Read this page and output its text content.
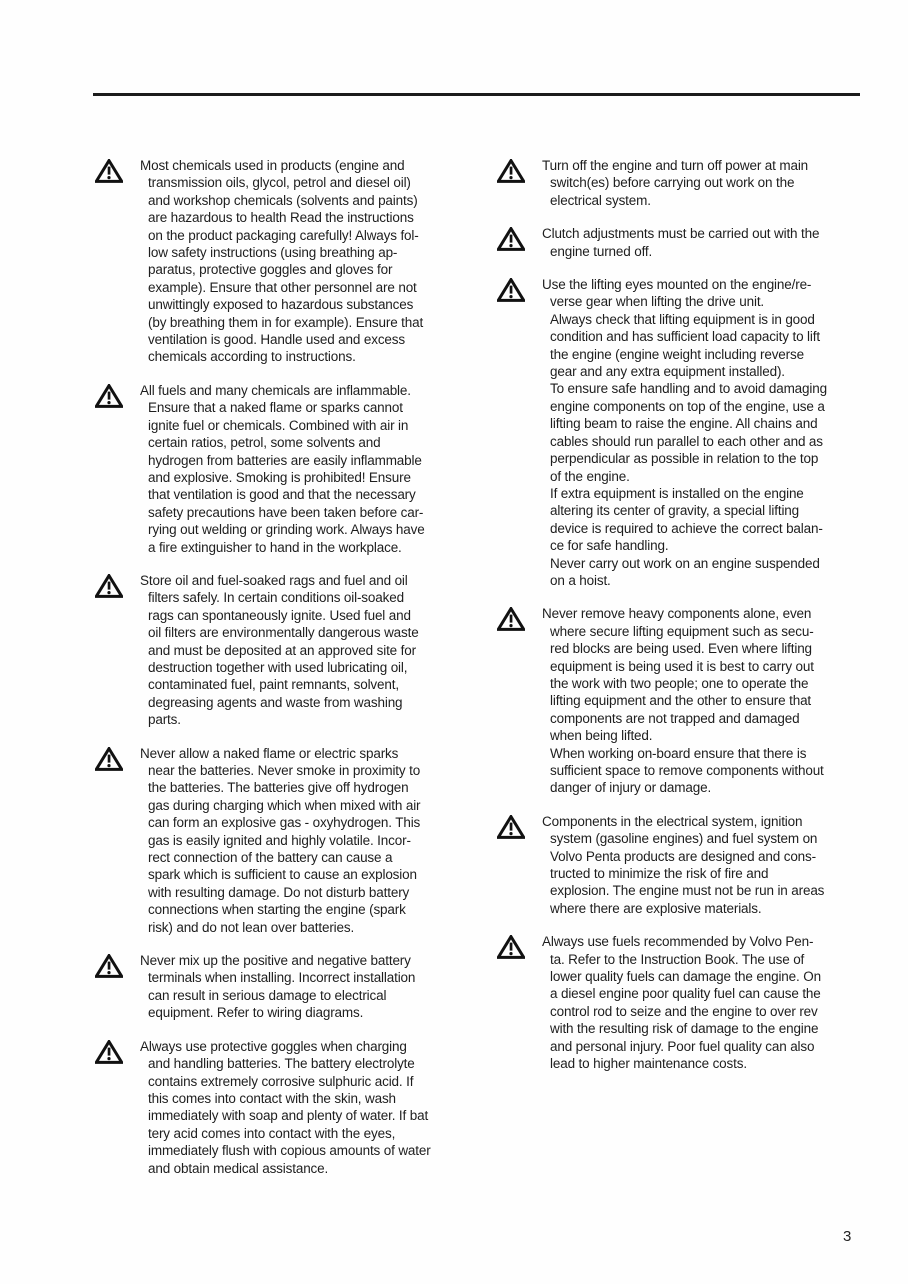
Most chemicals used in products (engine and
transmission oils, glycol, petrol and diesel oil)
and workshop chemicals (solvents and paints)
are hazardous to health Read the instructions
on the product packaging carefully! Always fol-
low safety instructions (using breathing ap-
paratus, protective goggles and gloves for
example). Ensure that other personnel are not
unwittingly exposed to hazardous substances
(by breathing them in for example). Ensure that
ventilation is good. Handle used and excess
chemicals according to instructions.
All fuels and many chemicals are inflammable.
Ensure that a naked flame or sparks cannot
ignite fuel or chemicals. Combined with air in
certain ratios, petrol, some solvents and
hydrogen from batteries are easily inflammable
and explosive. Smoking is prohibited! Ensure
that ventilation is good and that the necessary
safety precautions have been taken before car-
rying out welding or grinding work. Always have
a fire extinguisher to hand in the workplace.
Store oil and fuel-soaked rags and fuel and oil
filters safely. In certain conditions oil-soaked
rags can spontaneously ignite. Used fuel and
oil filters are environmentally dangerous waste
and must be deposited at an approved site for
destruction together with used lubricating oil,
contaminated fuel, paint remnants, solvent,
degreasing agents and waste from washing
parts.
Never allow a naked flame or electric sparks
near the batteries. Never smoke in proximity to
the batteries. The batteries give off hydrogen
gas during charging which when mixed with air
can form an explosive gas - oxyhydrogen. This
gas is easily ignited and highly volatile. Incor-
rect connection of the battery can cause a
spark which is sufficient to cause an explosion
with resulting damage. Do not disturb battery
connections when starting the engine (spark
risk) and do not lean over batteries.
Never mix up the positive and negative battery
terminals when installing. Incorrect installation
can result in serious damage to electrical
equipment. Refer to wiring diagrams.
Always use protective goggles when charging
and handling batteries. The battery electrolyte
contains extremely corrosive sulphuric acid. If
this comes into contact with the skin, wash
immediately with soap and plenty of water. If bat
tery acid comes into contact with the eyes,
immediately flush with copious amounts of water
and obtain medical assistance.
Turn off the engine and turn off power at main
switch(es) before carrying out work on the
electrical system.
Clutch adjustments must be carried out with the
engine turned off.
Use the lifting eyes mounted on the engine/re-
verse gear when lifting the drive unit.
Always check that lifting equipment is in good
condition and has sufficient load capacity to lift
the engine (engine weight including reverse
gear and any extra equipment installed).
To ensure safe handling and to avoid damaging
engine components on top of the engine, use a
lifting beam to raise the engine. All chains and
cables should run parallel to each other and as
perpendicular as possible in relation to the top
of the engine.
If extra equipment is installed on the engine
altering its center of gravity, a special lifting
device is required to achieve the correct balan-
ce for safe handling.
Never carry out work on an engine suspended
on a hoist.
Never remove heavy components alone, even
where secure lifting equipment such as secu-
red blocks are being used. Even where lifting
equipment is being used it is best to carry out
the work with two people; one to operate the
lifting equipment and the other to ensure that
components are not trapped and damaged
when being lifted.
When working on-board ensure that there is
sufficient space to remove components without
danger of injury or damage.
Components in the electrical system, ignition
system (gasoline engines) and fuel system on
Volvo Penta products are designed and cons-
tructed to minimize the risk of fire and
explosion. The engine must not be run in areas
where there are explosive materials.
Always use fuels recommended by Volvo Pen-
ta. Refer to the Instruction Book. The use of
lower quality fuels can damage the engine. On
a diesel engine poor quality fuel can cause the
control rod to seize and the engine to over rev
with the resulting risk of damage to the engine
and personal injury. Poor fuel quality can also
lead to higher maintenance costs.
3
